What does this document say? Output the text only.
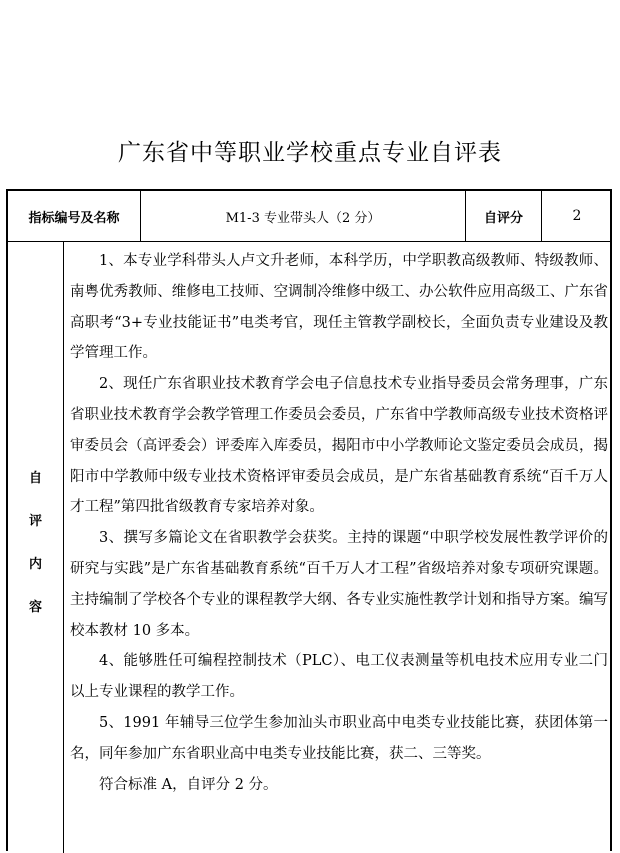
广东省中等职业学校重点专业自评表
指标编号及名称	M1-3 专业带头人（2 分）	自评分	2
自
评
内
容

1、本专业学科带头人卢文升老师，本科学历，中学职教高级教师、特级教师、南粤优秀教师、维修电工技师、空调制冷维修中级工、办公软件应用高级工、广东省高职考“3+专业技能证书”电类考官，现任主管教学副校长，全面负责专业建设及教学管理工作。

2、现任广东省职业技术教育学会电子信息技术专业指导委员会常务理事，广东省职业技术教育学会教学管理工作委员会委员，广东省中学教师高级专业技术资格评审委员会（高评委会）评委库入库委员，揭阳市中小学教师论文鉴定委员会成员，揭阳市中学教师中级专业技术资格评审委员会成员，是广东省基础教育系统“百千万人才工程”第四批省级教育专家培养对象。

3、撰写多篇论文在省职教学会获奖。主持的课题“中职学校发展性教学评价的研究与实践”是广东省基础教育系统“百千万人才工程”省级培养对象专项研究课题。主持编制了学校各个专业的课程教学大纲、各专业实施性教学计划和指导方案。编写校本教材 10 多本。

4、能够胜任可编程控制技术（PLC）、电工仪表测量等机电技术应用专业二门以上专业课程的教学工作。

5、1991 年辅导三位学生参加汕头市职业高中电类专业技能比赛，获团体第一名，同年参加广东省职业高中电类专业技能比赛，获二、三等奖。

符合标准 A，自评分 2 分。
